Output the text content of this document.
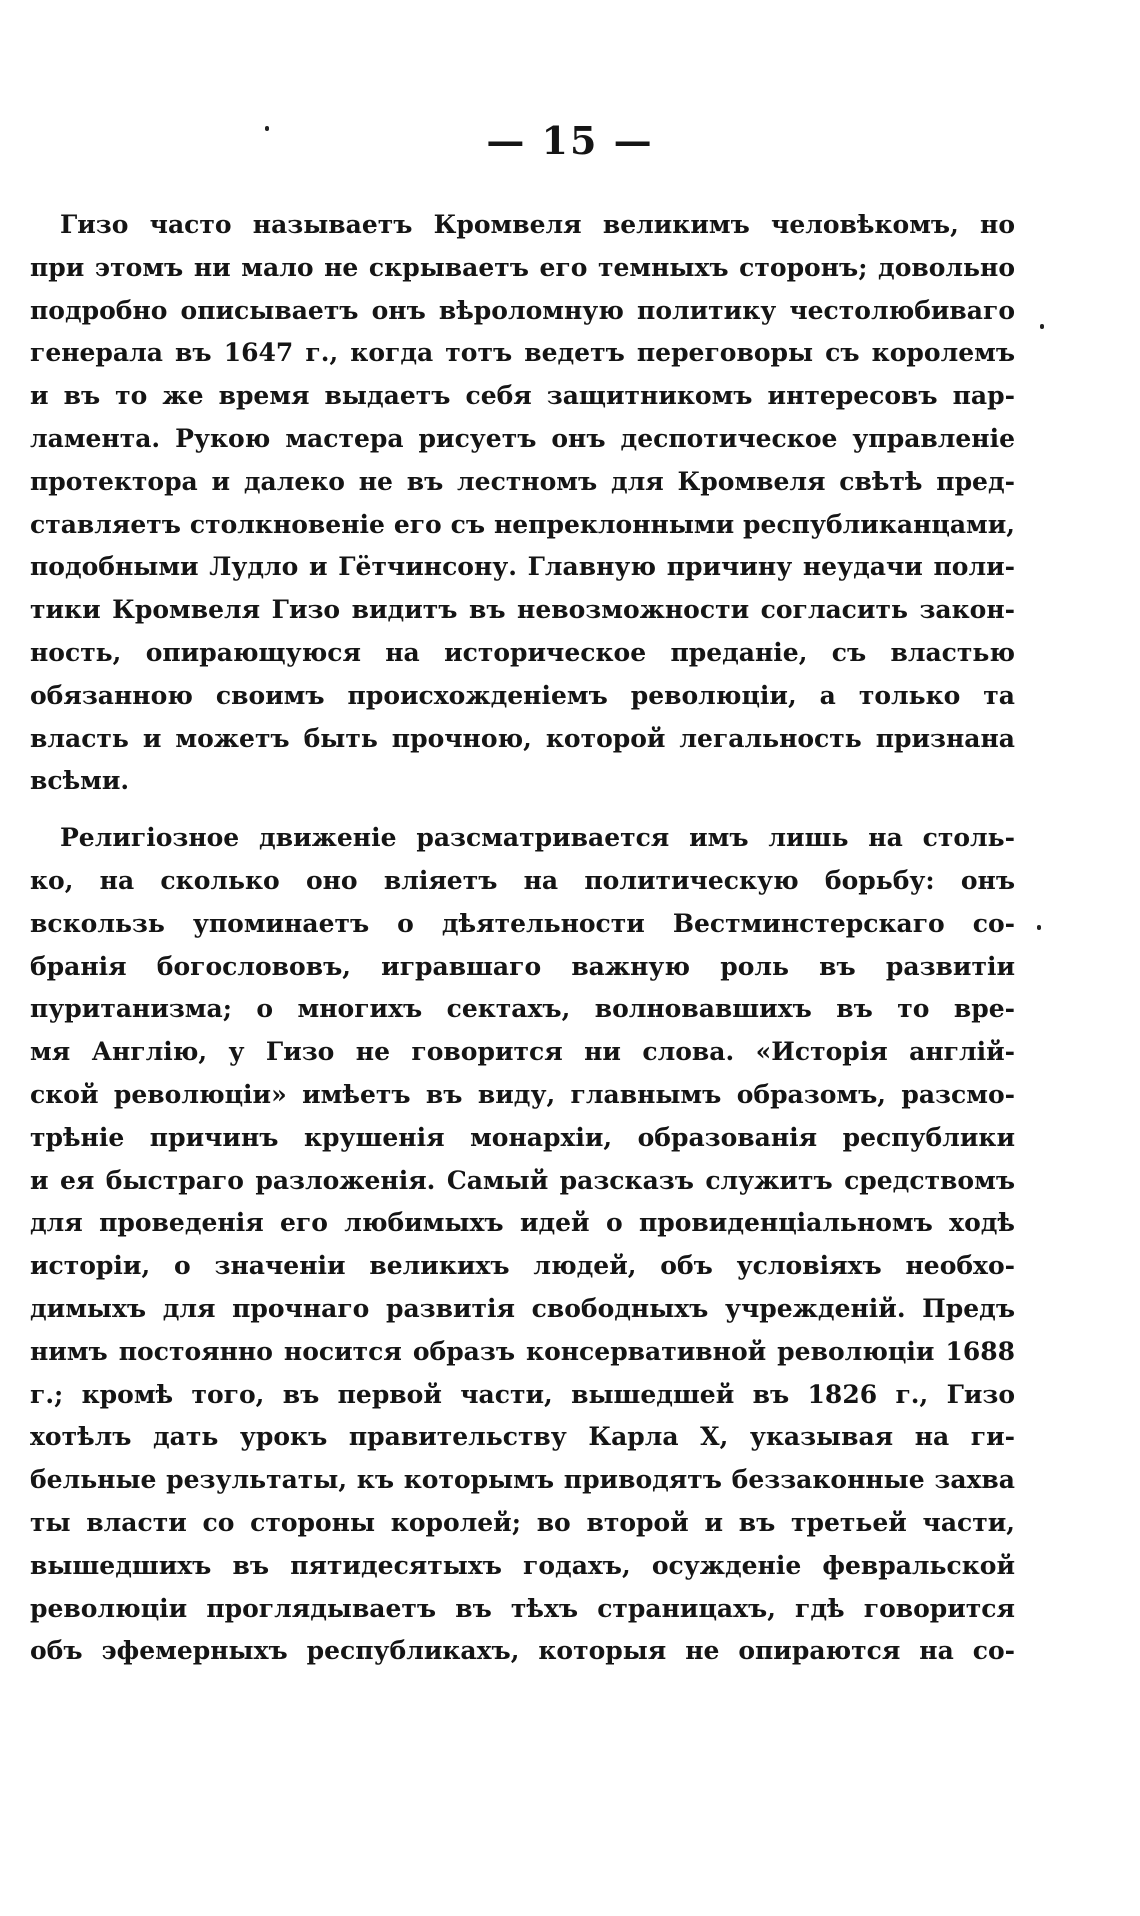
— 15 —
Гизо часто называетъ Кромвеля великимъ человѣкомъ, но
при этомъ ни мало не скрываетъ его темныхъ сторонъ; довольно
подробно описываетъ онъ вѣроломную политику честолюбиваго
генерала въ 1647 г., когда тотъ ведетъ переговоры съ королемъ
и въ то же время выдаетъ себя защитникомъ интересовъ пар-
ламента. Рукою мастера рисуетъ онъ деспотическое управленіе
протектора и далеко не въ лестномъ для Кромвеля свѣтѣ пред-
ставляетъ столкновеніе его съ непреклонными республиканцами,
подобными Лудло и Гётчинсону. Главную причину неудачи поли-
тики Кромвеля Гизо видитъ въ невозможности согласить закон-
ность, опирающуюся на историческое преданіе, съ властью
обязанною своимъ происхожденіемъ революціи, а только та
власть и можетъ быть прочною, которой легальность признана
всѣми.
Религіозное движеніе разсматривается имъ лишь на столь-
ко, на сколько оно вліяетъ на политическую борьбу: онъ
вскользь упоминаетъ о дѣятельности Вестминстерскаго со-
бранія богослововъ, игравшаго важную роль въ развитіи
пуританизма; о многихъ сектахъ, волновавшихъ въ то вре-
мя Англію, у Гизо не говорится ни слова. «Исторія англій-
ской революціи» имѣетъ въ виду, главнымъ образомъ, разсмо-
трѣніе причинъ крушенія монархіи, образованія республики
и ея быстраго разложенія. Самый разсказъ служитъ средствомъ
для проведенія его любимыхъ идей о провиденціальномъ ходѣ
исторіи, о значеніи великихъ людей, объ условіяхъ необхо-
димыхъ для прочнаго развитія свободныхъ учрежденій. Предъ
нимъ постоянно носится образъ консервативной революціи 1688
г.; кромѣ того, въ первой части, вышедшей въ 1826 г., Гизо
хотѣлъ дать урокъ правительству Карла X, указывая на ги-
бельные результаты, къ которымъ приводятъ беззаконные захва
ты власти со стороны королей; во второй и въ третьей части,
вышедшихъ въ пятидесятыхъ годахъ, осужденіе февральской
революціи проглядываетъ въ тѣхъ страницахъ, гдѣ говорится
объ эфемерныхъ республикахъ, которыя не опираются на со-
